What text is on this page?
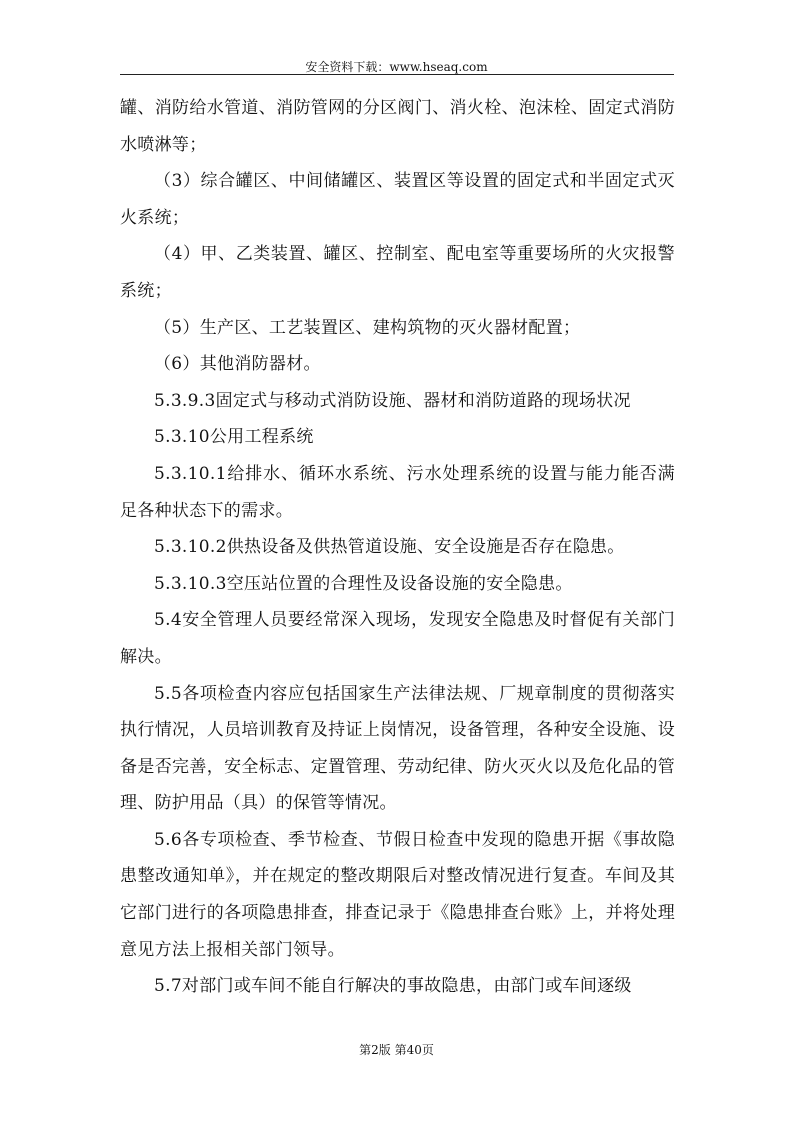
安全资料下载：www.hseaq.com

罐、消防给水管道、消防管网的分区阀门、消火栓、泡沫栓、固定式消防水喷淋等；

（3）综合罐区、中间储罐区、装置区等设置的固定式和半固定式灭火系统；

（4）甲、乙类装置、罐区、控制室、配电室等重要场所的火灾报警系统；

（5）生产区、工艺装置区、建构筑物的灭火器材配置；

（6）其他消防器材。

5.3.9.3固定式与移动式消防设施、器材和消防道路的现场状况

5.3.10公用工程系统

5.3.10.1给排水、循环水系统、污水处理系统的设置与能力能否满足各种状态下的需求。

5.3.10.2供热设备及供热管道设施、安全设施是否存在隐患。

5.3.10.3空压站位置的合理性及设备设施的安全隐患。

5.4安全管理人员要经常深入现场，发现安全隐患及时督促有关部门解决。

5.5各项检查内容应包括国家生产法律法规、厂规章制度的贯彻落实执行情况，人员培训教育及持证上岗情况，设备管理，各种安全设施、设备是否完善，安全标志、定置管理、劳动纪律、防火灭火以及危化品的管理、防护用品（具）的保管等情况。

5.6各专项检查、季节检查、节假日检查中发现的隐患开据《事故隐患整改通知单》，并在规定的整改期限后对整改情况进行复查。车间及其它部门进行的各项隐患排查，排查记录于《隐患排查台账》上，并将处理意见方法上报相关部门领导。

5.7对部门或车间不能自行解决的事故隐患，由部门或车间逐级

第2版 第40页
